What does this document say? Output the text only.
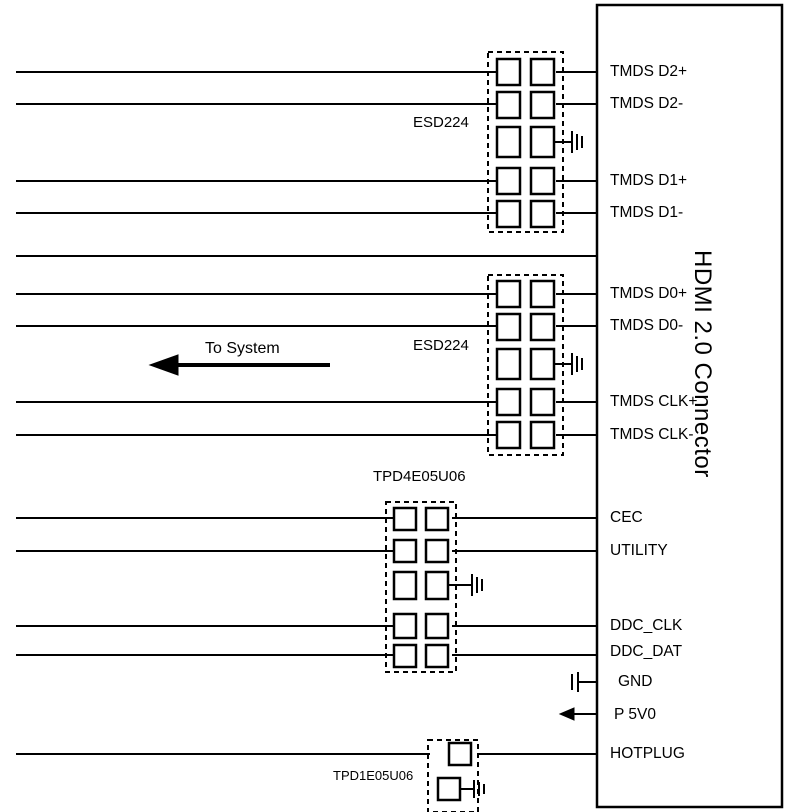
TMDS D2+
TMDS D2-
TMDS D1+
TMDS D1-
TMDS D0+
TMDS D0-
TMDS CLK+
TMDS CLK-
CEC
UTILITY
DDC_CLK
DDC_DAT
GND
P 5V0
HOTPLUG
ESD224
ESD224
TPD4E05U06
TPD1E05U06
To System	HDMI 2.0 Connector
